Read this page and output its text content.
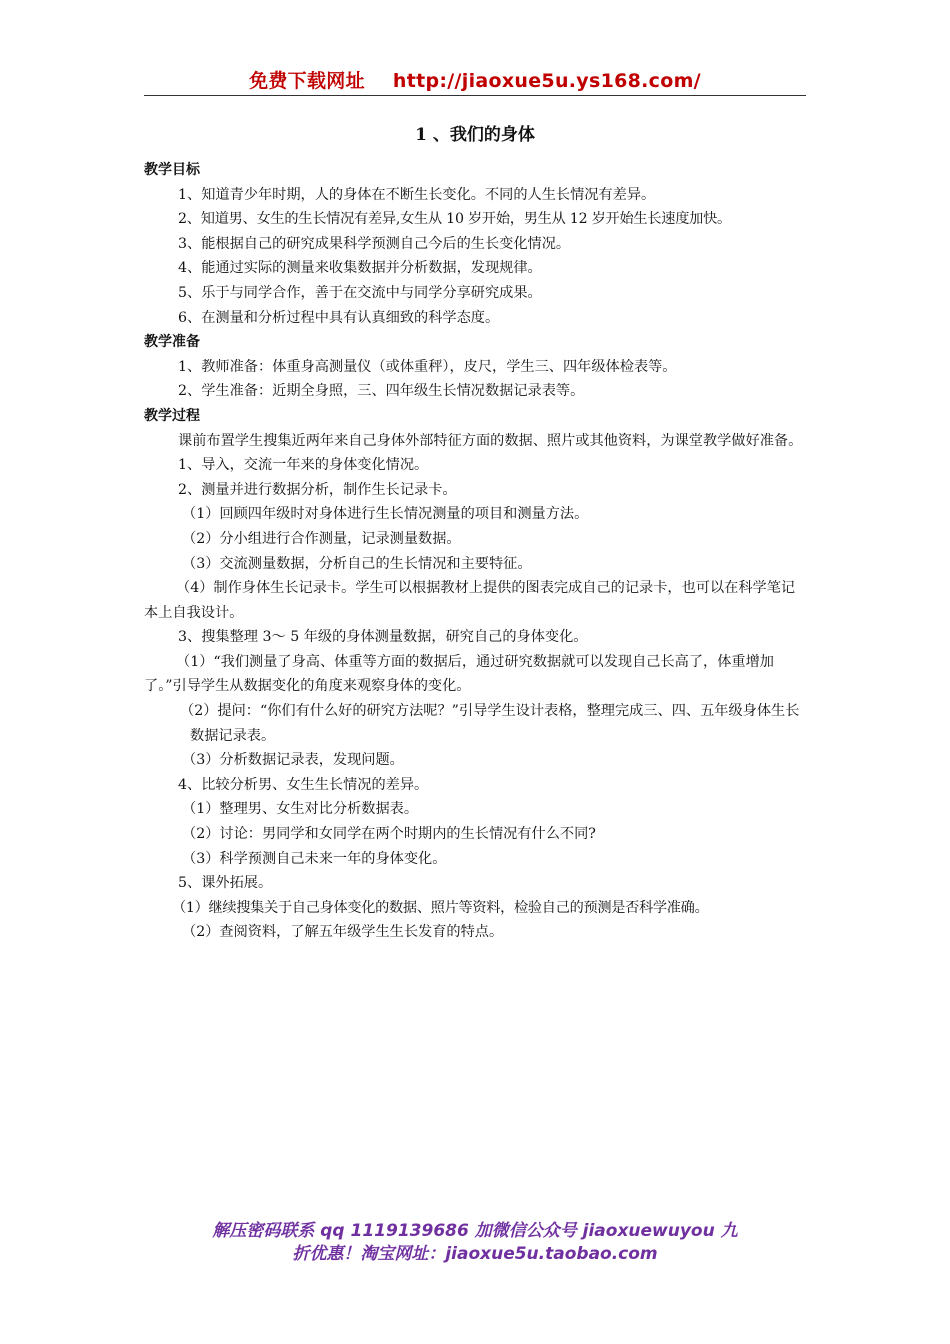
免费下载网址 http://jiaoxue5u.ys168.com/
1 、我们的身体

教学目标

1、知道青少年时期，人的身体在不断生长变化。不同的人生长情况有差异。

2、知道男、女生的生长情况有差异,女生从 10 岁开始，男生从 12 岁开始生长速度加快。

3、能根据自己的研究成果科学预测自己今后的生长变化情况。

4、能通过实际的测量来收集数据并分析数据，发现规律。

5、乐于与同学合作，善于在交流中与同学分享研究成果。

6、在测量和分析过程中具有认真细致的科学态度。

教学准备

1、教师准备：体重身高测量仪（或体重秤），皮尺，学生三、四年级体检表等。

2、学生准备：近期全身照，三、四年级生长情况数据记录表等。

教学过程

课前布置学生搜集近两年来自己身体外部特征方面的数据、照片或其他资料，为课堂教学做好准备。

1、导入，交流一年来的身体变化情况。

2、测量并进行数据分析，制作生长记录卡。

（1）回顾四年级时对身体进行生长情况测量的项目和测量方法。

（2）分小组进行合作测量，记录测量数据。

（3）交流测量数据，分析自己的生长情况和主要特征。

（4）制作身体生长记录卡。学生可以根据教材上提供的图表完成自己的记录卡，也可以在科学笔记本上自我设计。

3、搜集整理 3～ 5 年级的身体测量数据，研究自己的身体变化。

（1）“我们测量了身高、体重等方面的数据后，通过研究数据就可以发现自己长高了，体重增加了。”引导学生从数据变化的角度来观察身体的变化。

（2）提问：“你们有什么好的研究方法呢？”引导学生设计表格，整理完成三、四、五年级身体生长数据记录表。

（3）分析数据记录表，发现问题。

4、比较分析男、女生生长情况的差异。

（1）整理男、女生对比分析数据表。

（2）讨论：男同学和女同学在两个时期内的生长情况有什么不同?

（3）科学预测自己未来一年的身体变化。

5、课外拓展。

（1）继续搜集关于自己身体变化的数据、照片等资料，检验自己的预测是否科学准确。

（2）查阅资料，了解五年级学生生长发育的特点。

解压密码联系 qq 1119139686 加微信公众号 jiaoxuewuyou 九
折优惠！淘宝网址：jiaoxue5u.taobao.com
